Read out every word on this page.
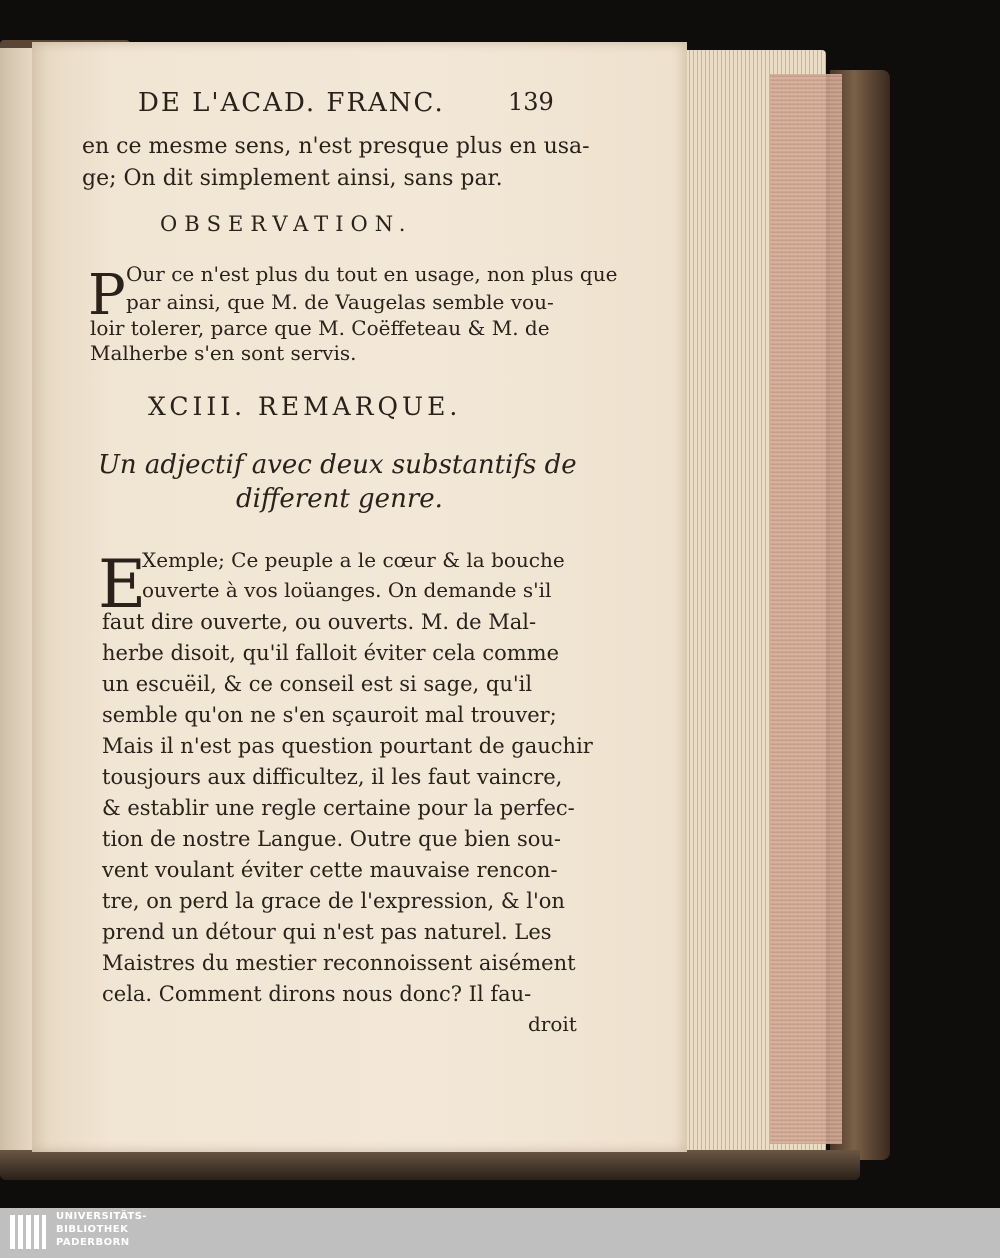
DE L'ACAD. FRANC.	139
en ce mesme sens, n'est presque plus en usa-
ge; On dit simplement ainsi, sans par.
OBSERVATION.
P Our ce n'est plus du tout en usage, non plus que
par ainsi, que M. de Vaugelas semble vou-
loir tolerer, parce que M. Coëffeteau & M. de
Malherbe s'en sont servis.
XCIII. REMARQUE.
Un adjectif avec deux substantifs de
different genre.
E
Xemple; Ce peuple a le cœur & la bouche
ouverte à vos loüanges. On demande s'il
faut dire ouverte, ou ouverts. M. de Mal-
herbe disoit, qu'il falloit éviter cela comme
un escuëil, & ce conseil est si sage, qu'il
semble qu'on ne s'en sçauroit mal trouver;
Mais il n'est pas question pourtant de gauchir
tousjours aux difficultez, il les faut vaincre,
& establir une regle certaine pour la perfec-
tion de nostre Langue. Outre que bien sou-
vent voulant éviter cette mauvaise rencon-
tre, on perd la grace de l'expression, & l'on
prend un détour qui n'est pas naturel. Les
Maistres du mestier reconnoissent aisément
cela. Comment dirons nous donc? Il fau-
droit
UNIVERSITÄTS-
BIBLIOTHEK
PADERBORN
